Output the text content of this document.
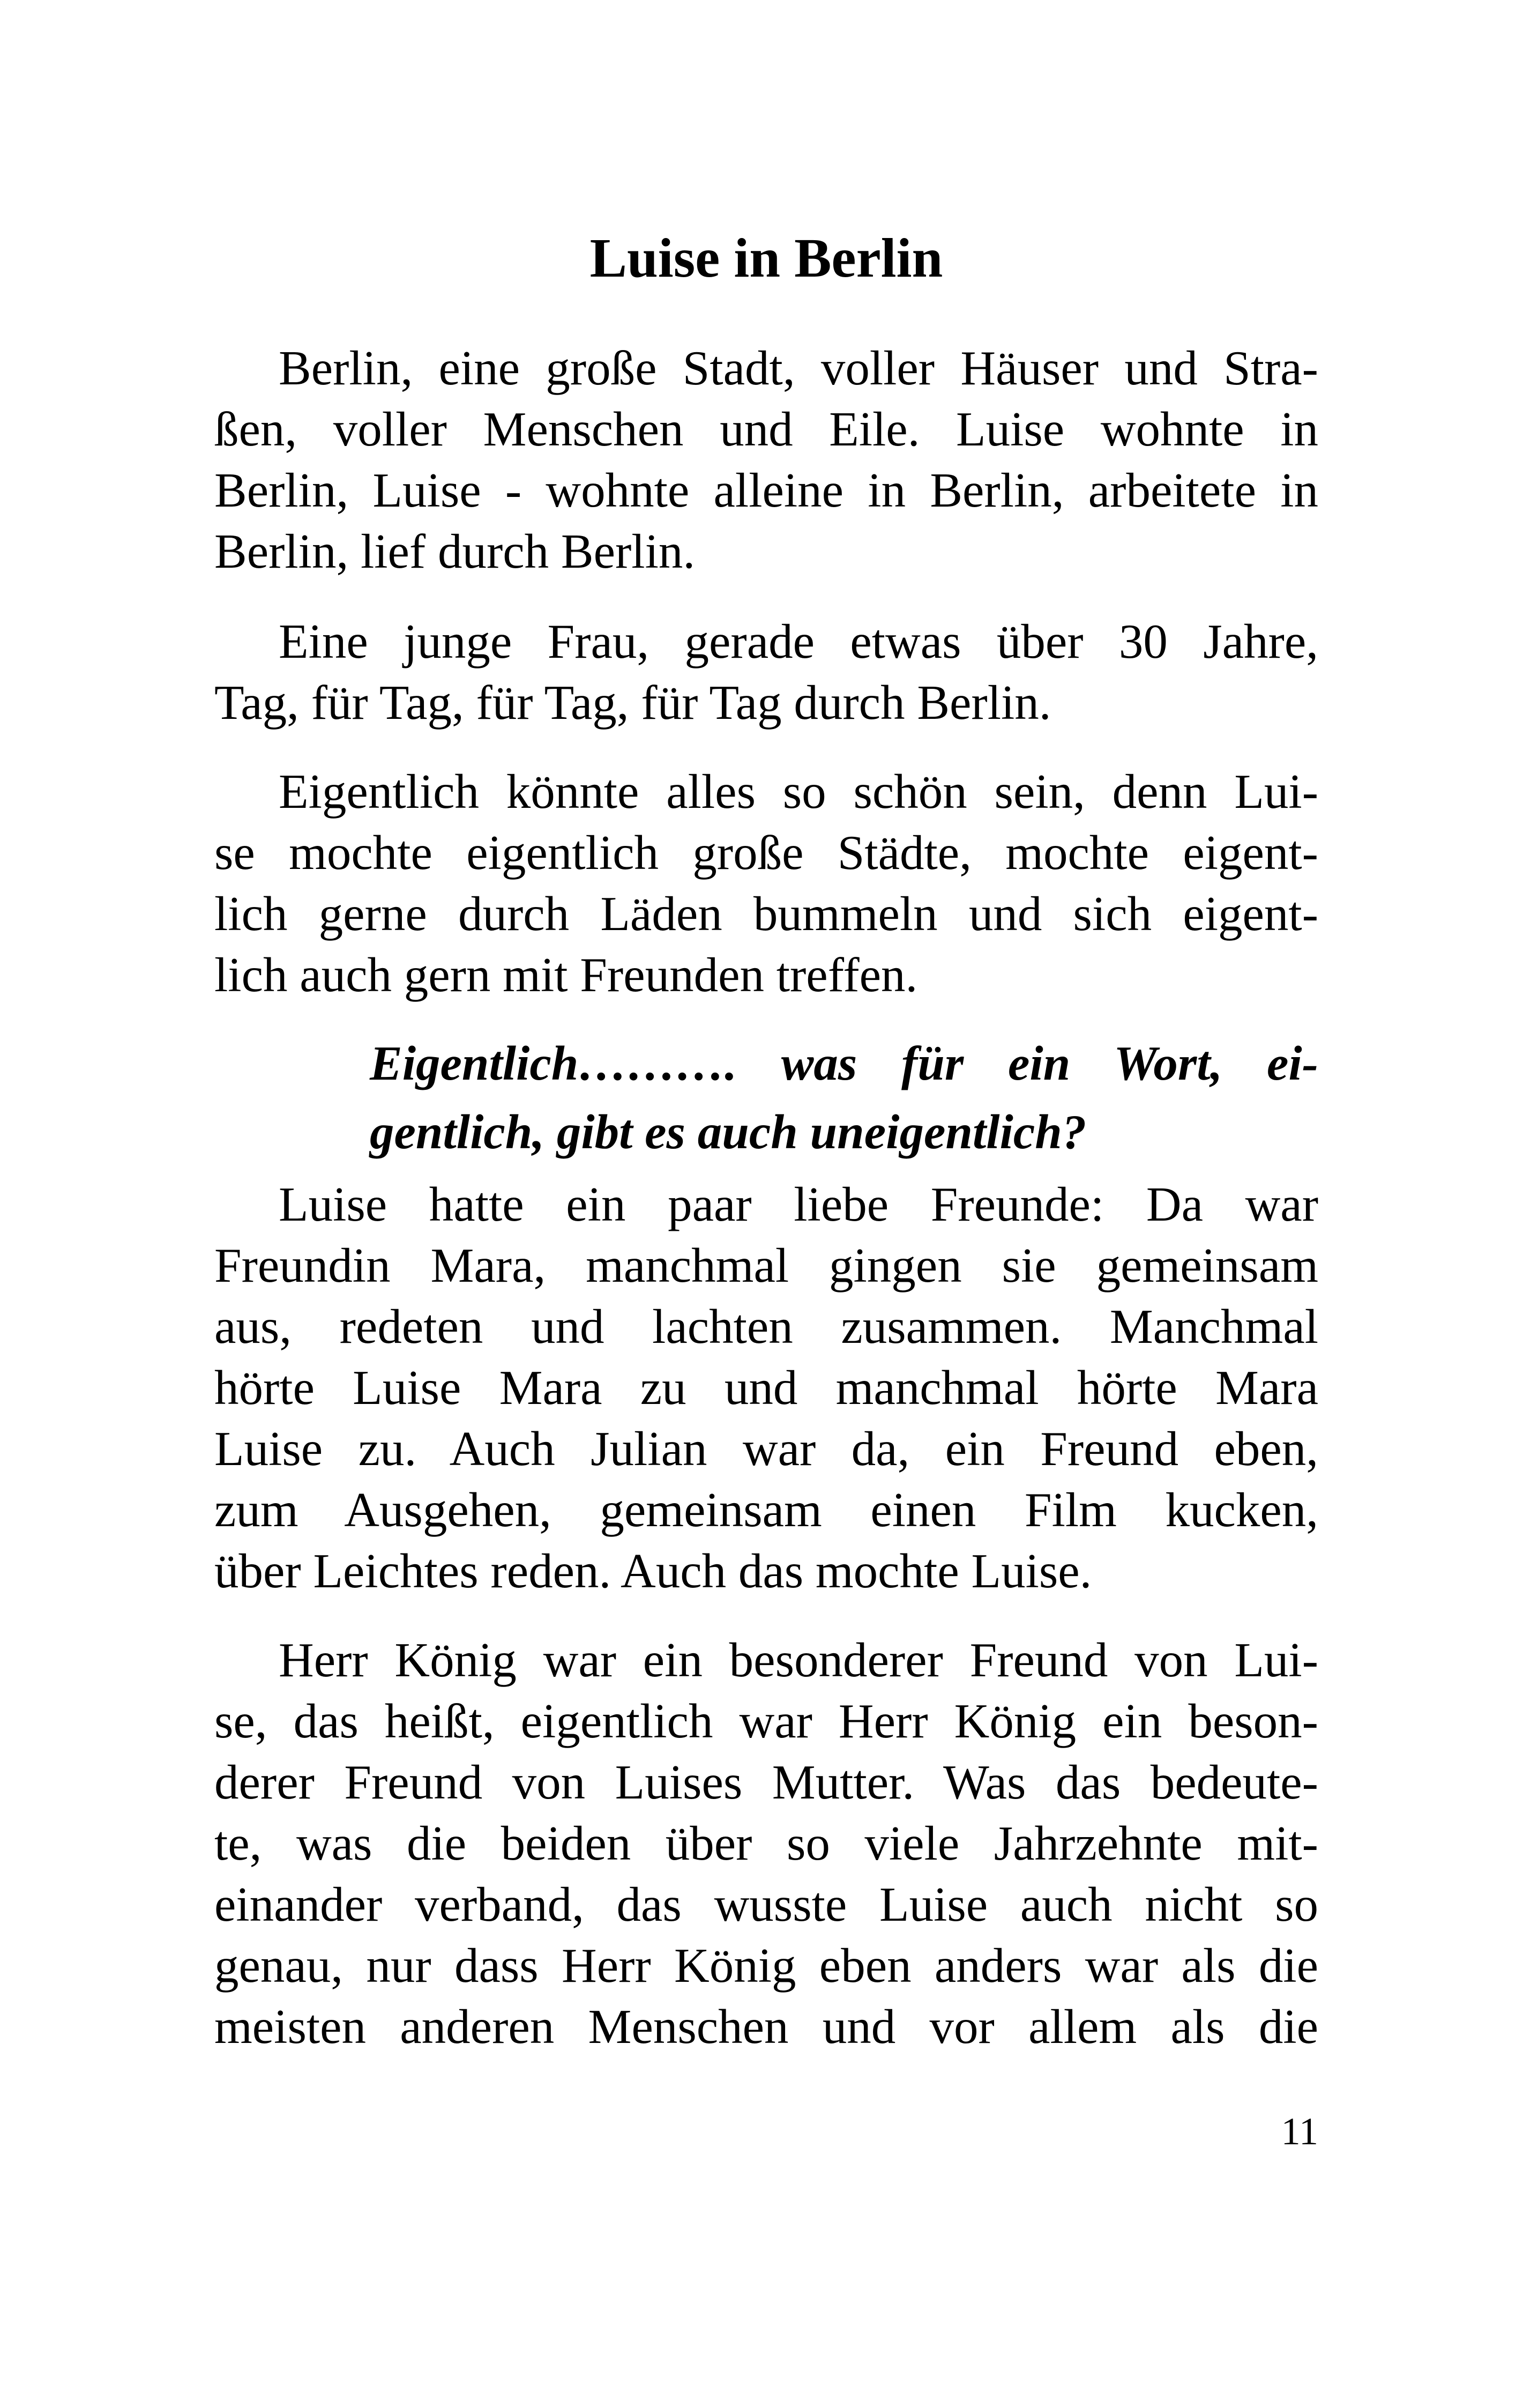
Luise in Berlin
Berlin, eine große Stadt, voller Häuser und Stra-
ßen, voller Menschen und Eile. Luise wohnte in
Berlin, Luise - wohnte alleine in Berlin, arbeitete in
Berlin, lief durch Berlin.
Eine junge Frau, gerade etwas über 30 Jahre,
Tag, für Tag, für Tag, für Tag durch Berlin.
Eigentlich könnte alles so schön sein, denn Lui-
se mochte eigentlich große Städte, mochte eigent-
lich gerne durch Läden bummeln und sich eigent-
lich auch gern mit Freunden treffen.
Eigentlich………. was für ein Wort, ei-
gentlich, gibt es auch uneigentlich?
Luise hatte ein paar liebe Freunde: Da war
Freundin Mara, manchmal gingen sie gemeinsam
aus, redeten und lachten zusammen. Manchmal
hörte Luise Mara zu und manchmal hörte Mara
Luise zu. Auch Julian war da, ein Freund eben,
zum Ausgehen, gemeinsam einen Film kucken,
über Leichtes reden. Auch das mochte Luise.
Herr König war ein besonderer Freund von Lui-
se, das heißt, eigentlich war Herr König ein beson-
derer Freund von Luises Mutter. Was das bedeute-
te, was die beiden über so viele Jahrzehnte mit-
einander verband, das wusste Luise auch nicht so
genau, nur dass Herr König eben anders war als die
meisten anderen Menschen und vor allem als die
11
